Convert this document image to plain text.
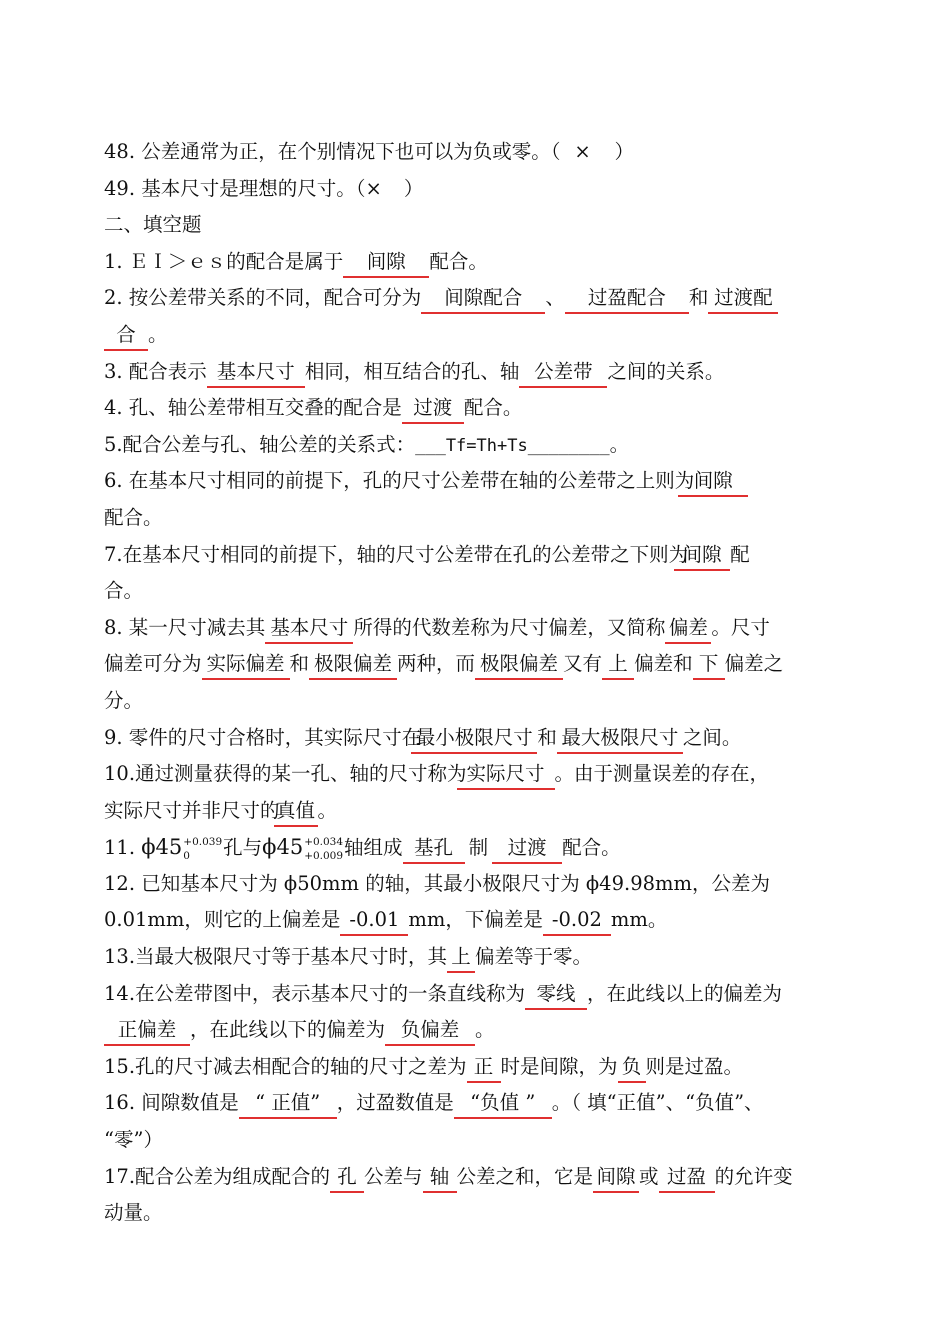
48. 公差通常为正，在个别情况下也可以为负或零。（ × ）
49. 基本尺寸是理想的尺寸。（× ）
二、填空题
1. ＥＩ＞ｅｓ的配合是属于 间隙 配合。
2. 按公差带关系的不同，配合可分为 间隙配合 、 过盈配合 和 过渡配
合 。
3. 配合表示 基本尺寸 相同，相互结合的孔、轴 公差带 之间的关系。
4. 孔、轴公差带相互交叠的配合是 过渡 配合。
5.配合公差与孔、轴公差的关系式：___Tf=Th+Ts________。
6. 在基本尺寸相同的前提下，孔的尺寸公差带在轴的公差带之上则为间隙
配合。
7.在基本尺寸相同的前提下，轴的尺寸公差带在孔的公差带之下则为间隙 配
合。
8. 某一尺寸减去其 基本尺寸 所得的代数差称为尺寸偏差，又简称 偏差 。尺寸
偏差可分为 实际偏差 和 极限偏差 两种，而 极限偏差 又有 上 偏差和 下 偏差之
分。
9. 零件的尺寸合格时，其实际尺寸在最小极限尺寸 和 最大极限尺寸 之间。
10.通过测量获得的某一孔、轴的尺寸称为实际尺寸 。由于测量误差的存在，
实际尺寸并非尺寸的真值 。
11. ϕ45 +0.039
0	孔与ϕ45 +0.034
+0.009 轴组成 基孔 制 过渡 配合。
12. 已知基本尺寸为 ϕ50mm 的轴，其最小极限尺寸为 ϕ49.98mm，公差为
0.01mm，则它的上偏差是 -0.01 mm，下偏差是 -0.02 mm。
13.当最大极限尺寸等于基本尺寸时，其 上 偏差等于零。
14.在公差带图中，表示基本尺寸的一条直线称为 零线 ，在此线以上的偏差为
正偏差 ，在此线以下的偏差为 负偏差 。
15.孔的尺寸减去相配合的轴的尺寸之差为 正 时是间隙，为 负 则是过盈。
16. 间隙数值是 “ 正值” ，过盈数值是 “负值 ” 。（ 填“正值”、“负值”、
“零”）
17.配合公差为组成配合的 孔 公差与 轴 公差之和，它是 间隙 或 过盈 的允许变
动量。
